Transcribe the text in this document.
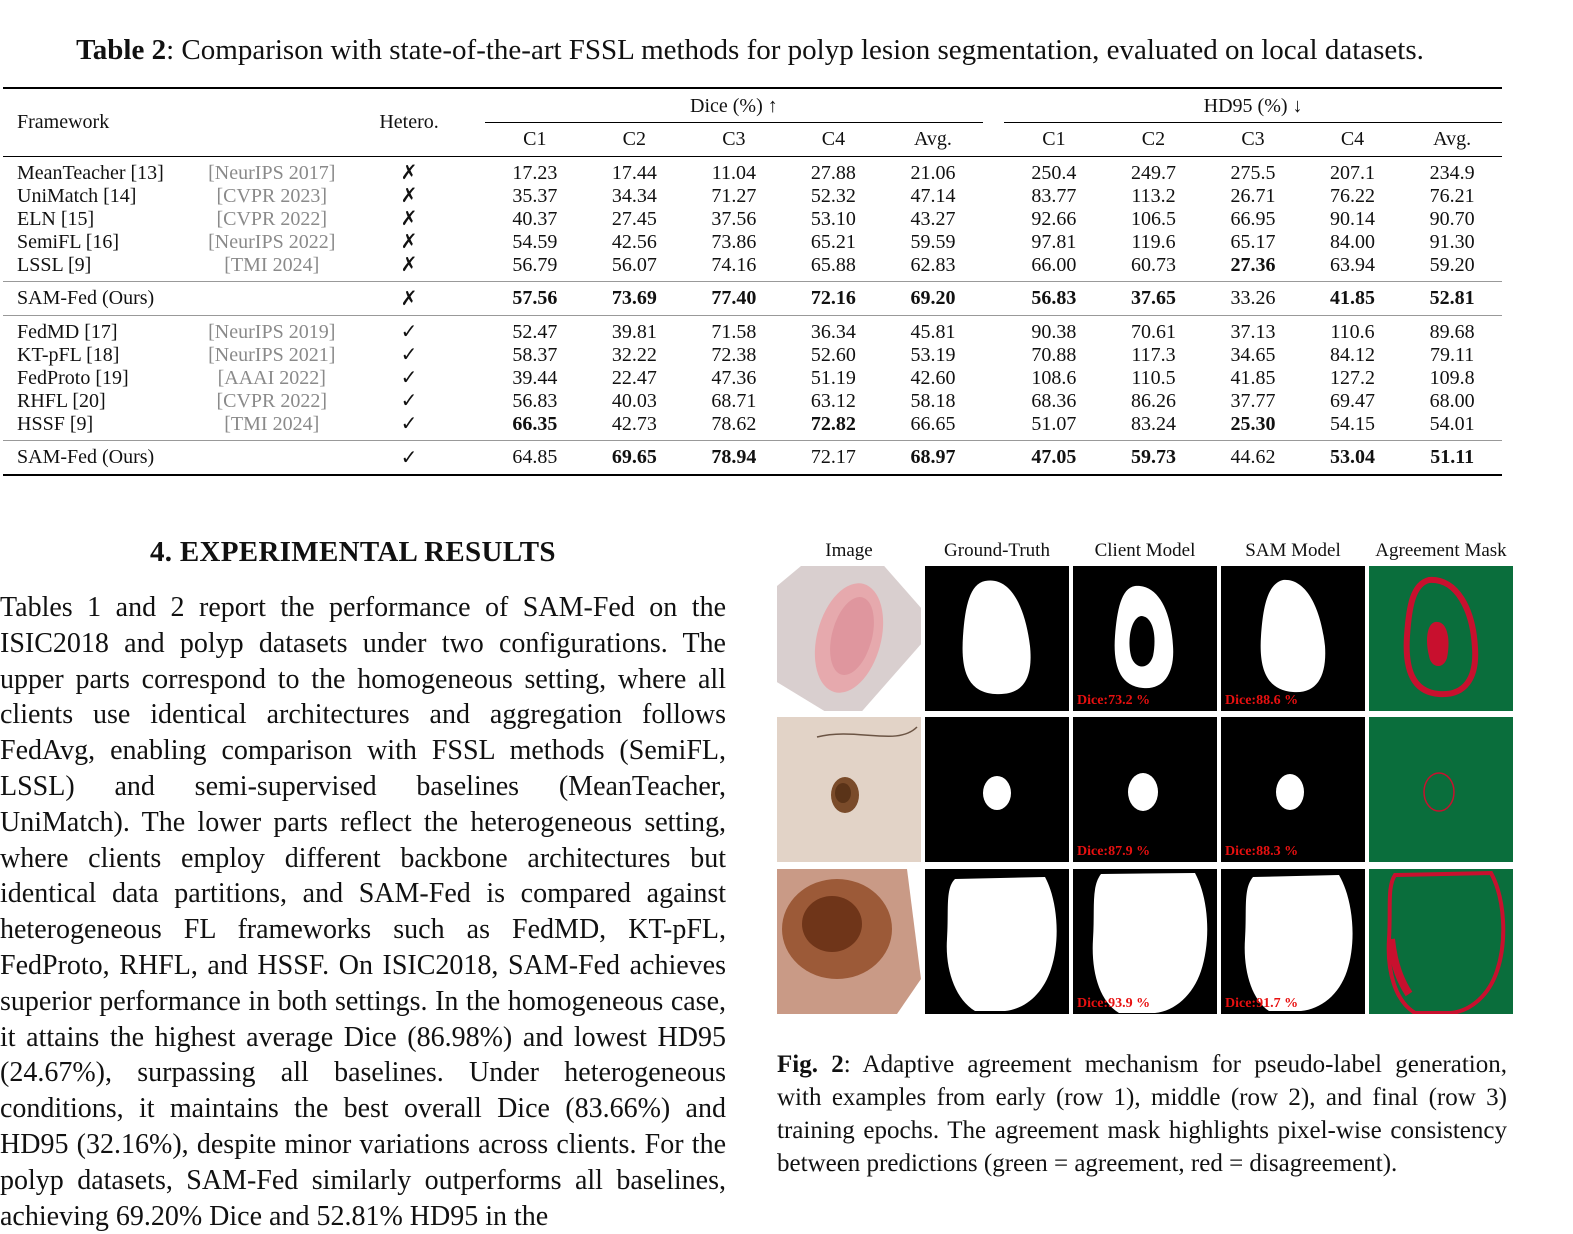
Table 2: Comparison with state-of-the-art FSSL methods for polyp lesion segmentation, evaluated on local datasets.
Framework		Hetero.		Dice (%) ↑						HD95 (%) ↓				

				C1	C2	C3	C4	Avg.		C1	C2	C3	C4	Avg.
MeanTeacher [13]	[NeurIPS 2017]	✗		17.23	17.44	11.04	27.88	21.06		250.4	249.7	275.5	207.1	234.9
UniMatch [14]	[CVPR 2023]	✗		35.37	34.34	71.27	52.32	47.14		83.77	113.2	26.71	76.22	76.21
ELN [15]	[CVPR 2022]	✗		40.37	27.45	37.56	53.10	43.27		92.66	106.5	66.95	90.14	90.70
SemiFL [16]	[NeurIPS 2022]	✗		54.59	42.56	73.86	65.21	59.59		97.81	119.6	65.17	84.00	91.30
LSSL [9]	[TMI 2024]	✗		56.79	56.07	74.16	65.88	62.83		66.00	60.73	27.36	63.94	59.20
SAM-Fed (Ours)		✗		57.56	73.69	77.40	72.16	69.20		56.83	37.65	33.26	41.85	52.81
FedMD [17]	[NeurIPS 2019]	✓		52.47	39.81	71.58	36.34	45.81		90.38	70.61	37.13	110.6	89.68
KT-pFL [18]	[NeurIPS 2021]	✓		58.37	32.22	72.38	52.60	53.19		70.88	117.3	34.65	84.12	79.11
FedProto [19]	[AAAI 2022]	✓		39.44	22.47	47.36	51.19	42.60		108.6	110.5	41.85	127.2	109.8
RHFL [20]	[CVPR 2022]	✓		56.83	40.03	68.71	63.12	58.18		68.36	86.26	37.77	69.47	68.00
HSSF [9]	[TMI 2024]	✓		66.35	42.73	78.62	72.82	66.65		51.07	83.24	25.30	54.15	54.01
SAM-Fed (Ours)		✓		64.85	69.65	78.94	72.17	68.97		47.05	59.73	44.62	53.04	51.11
4. EXPERIMENTAL RESULTS
Tables 1 and 2 report the performance of SAM-Fed on the ISIC2018 and polyp datasets under two configurations. The upper parts correspond to the homogeneous setting, where all clients use identical architectures and aggregation follows FedAvg, enabling comparison with FSSL methods (SemiFL, LSSL) and semi-supervised baselines (MeanTeacher, UniMatch). The lower parts reflect the heterogeneous setting, where clients employ different backbone architectures but identical data partitions, and SAM-Fed is compared against heterogeneous FL frameworks such as FedMD, KT-pFL, FedProto, RHFL, and HSSF. On ISIC2018, SAM-Fed achieves superior performance in both settings. In the homogeneous case, it attains the highest average Dice (86.98%) and lowest HD95 (24.67%), surpassing all baselines. Under heterogeneous conditions, it maintains the best overall Dice (83.66%) and HD95 (32.16%), despite minor variations across clients. For the polyp datasets, SAM-Fed similarly outperforms all baselines, achieving 69.20% Dice and 52.81% HD95 in the
Image	Ground-Truth	Client Model	SAM Model	Agreement Mask
Dice:73.2 %	Dice:88.6 %
Dice:87.9 %	Dice:88.3 %
Dice:93.9 %	Dice:91.7 %
Fig. 2: Adaptive agreement mechanism for pseudo-label generation, with examples from early (row 1), middle (row 2), and final (row 3) training epochs. The agreement mask highlights pixel-wise consistency between predictions (green = agreement, red = disagreement).
